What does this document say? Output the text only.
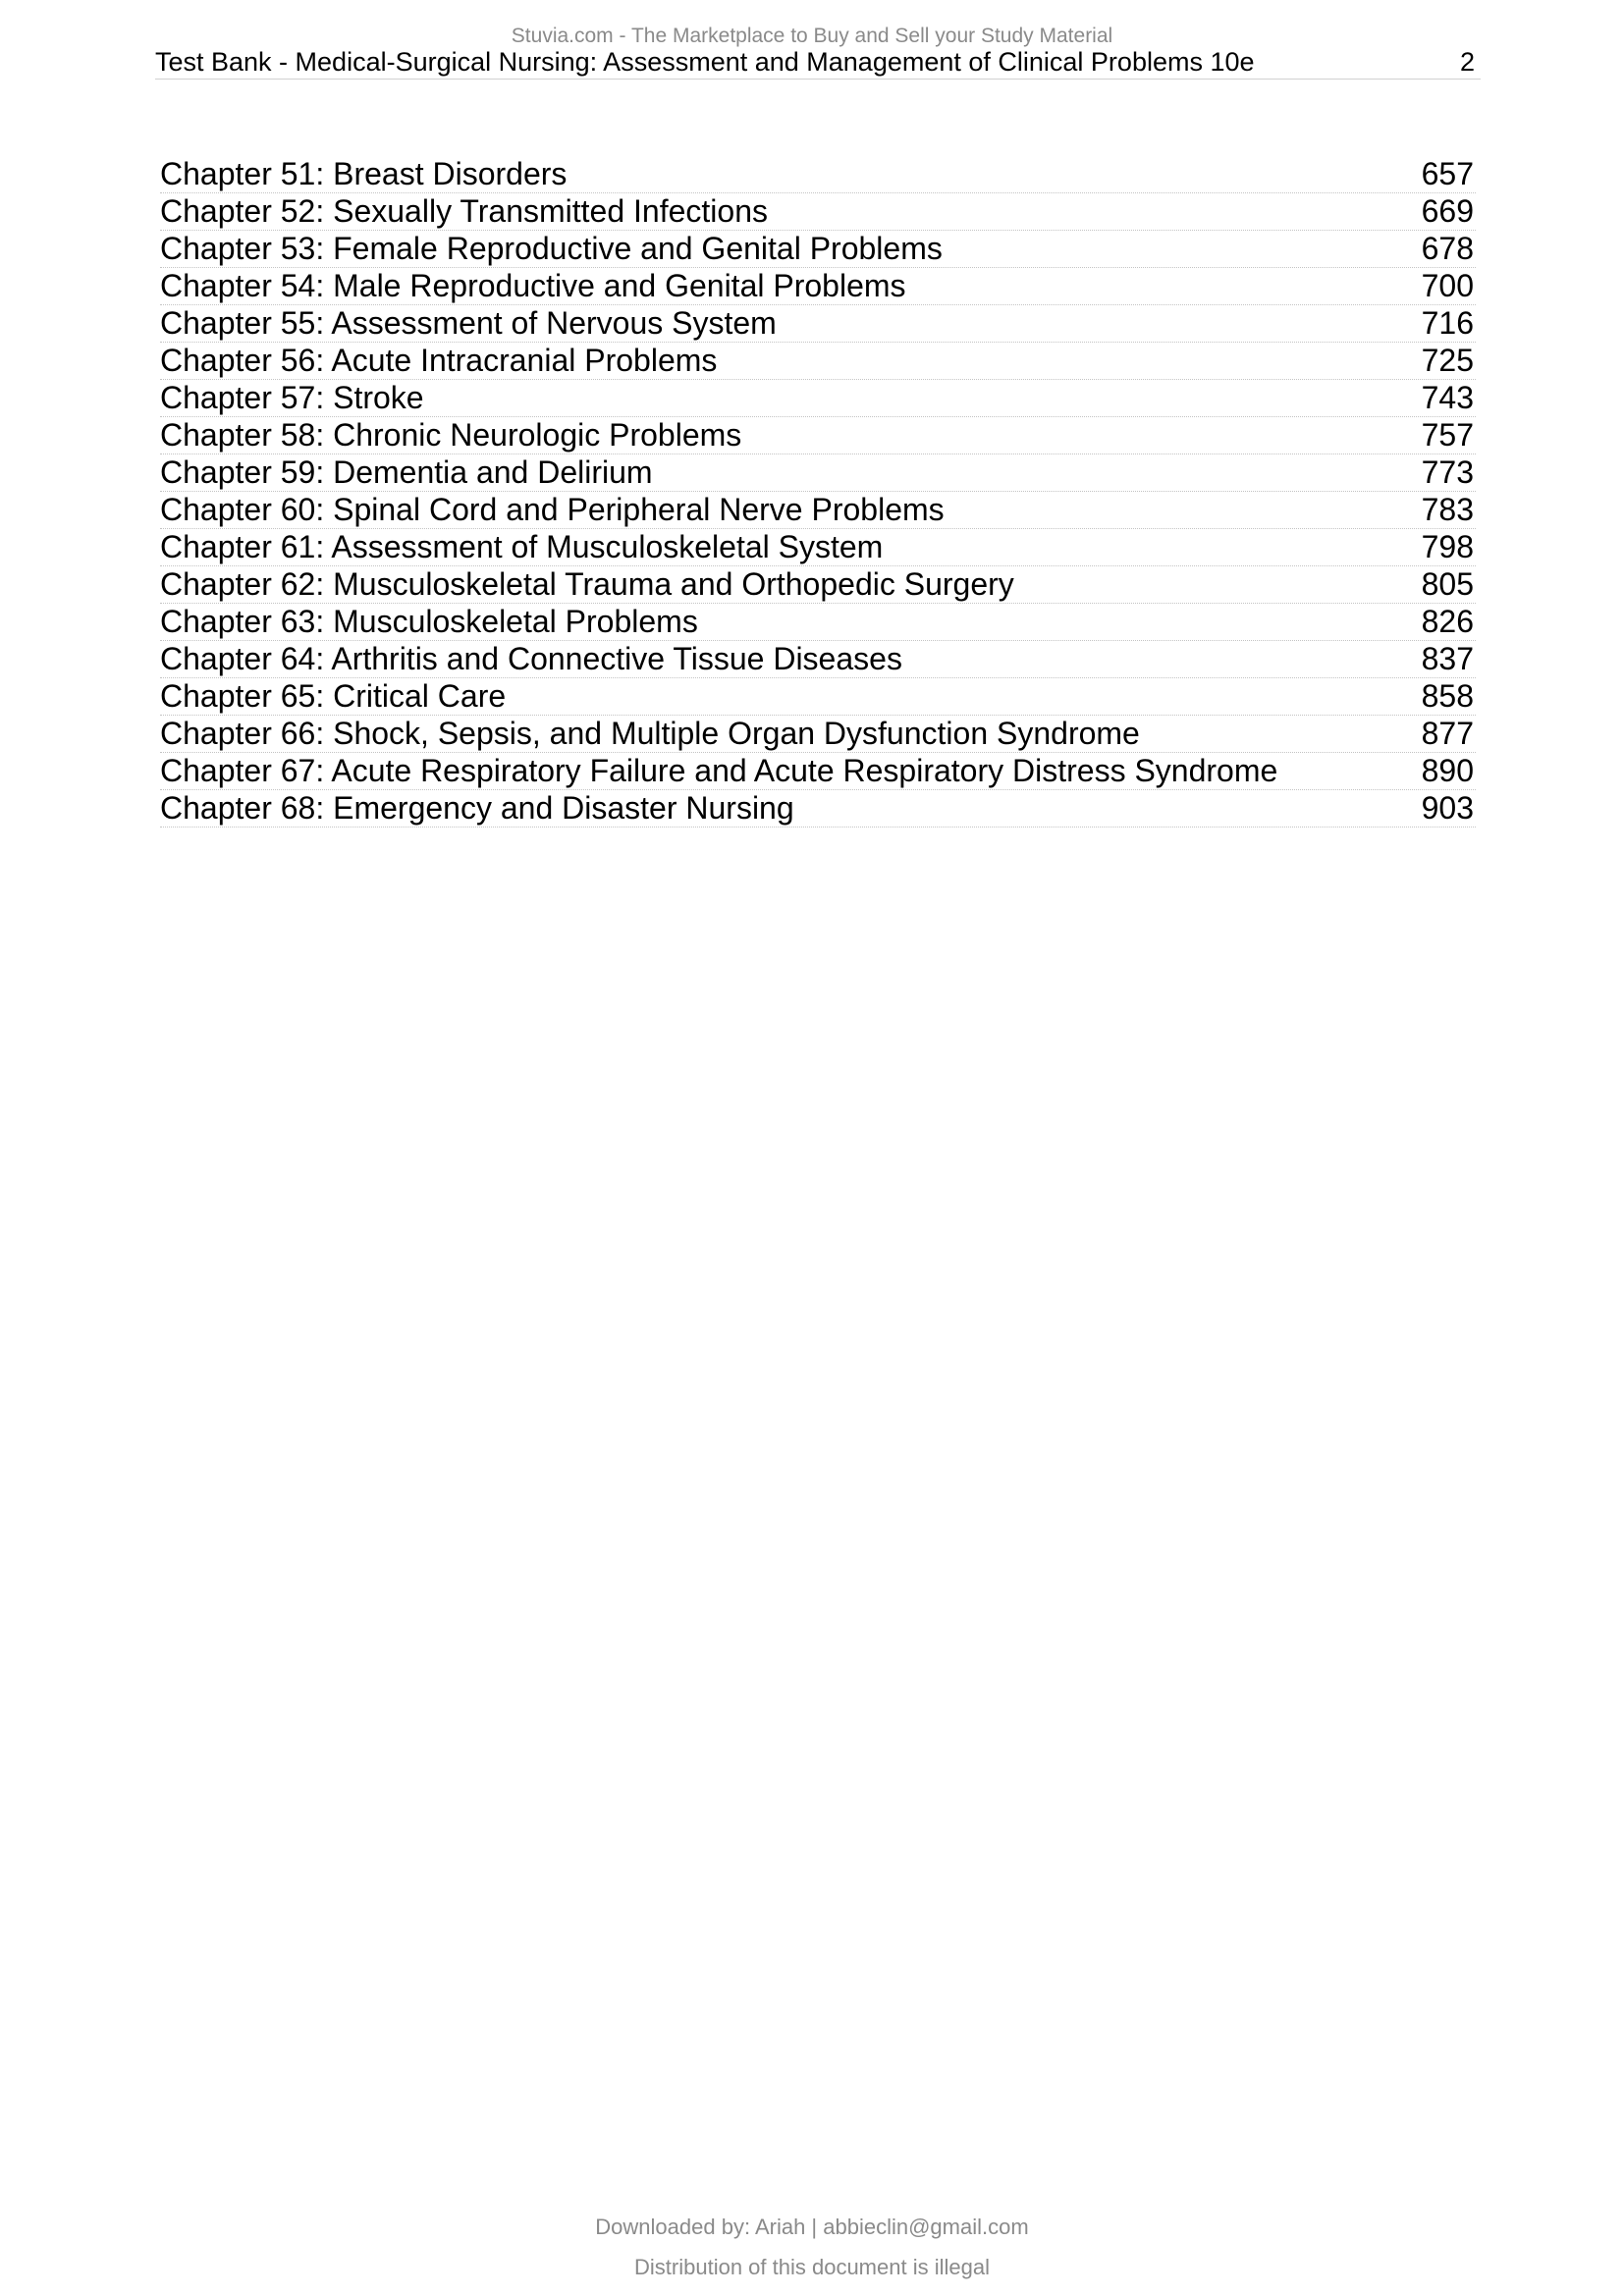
Stuvia.com - The Marketplace to Buy and Sell your Study Material
Test Bank - Medical-Surgical Nursing: Assessment and Management of Clinical Problems 10e	2
Chapter 51: Breast Disorders	657
Chapter 52: Sexually Transmitted Infections	669
Chapter 53: Female Reproductive and Genital Problems	678
Chapter 54: Male Reproductive and Genital Problems	700
Chapter 55: Assessment of Nervous System	716
Chapter 56: Acute Intracranial Problems	725
Chapter 57: Stroke	743
Chapter 58: Chronic Neurologic Problems	757
Chapter 59: Dementia and Delirium	773
Chapter 60: Spinal Cord and Peripheral Nerve Problems	783
Chapter 61: Assessment of Musculoskeletal System	798
Chapter 62: Musculoskeletal Trauma and Orthopedic Surgery	805
Chapter 63: Musculoskeletal Problems	826
Chapter 64: Arthritis and Connective Tissue Diseases	837
Chapter 65: Critical Care	858
Chapter 66: Shock, Sepsis, and Multiple Organ Dysfunction Syndrome	877
Chapter 67: Acute Respiratory Failure and Acute Respiratory Distress Syndrome	890
Chapter 68: Emergency and Disaster Nursing	903
Downloaded by: Ariah | abbieclin@gmail.com
Distribution of this document is illegal
